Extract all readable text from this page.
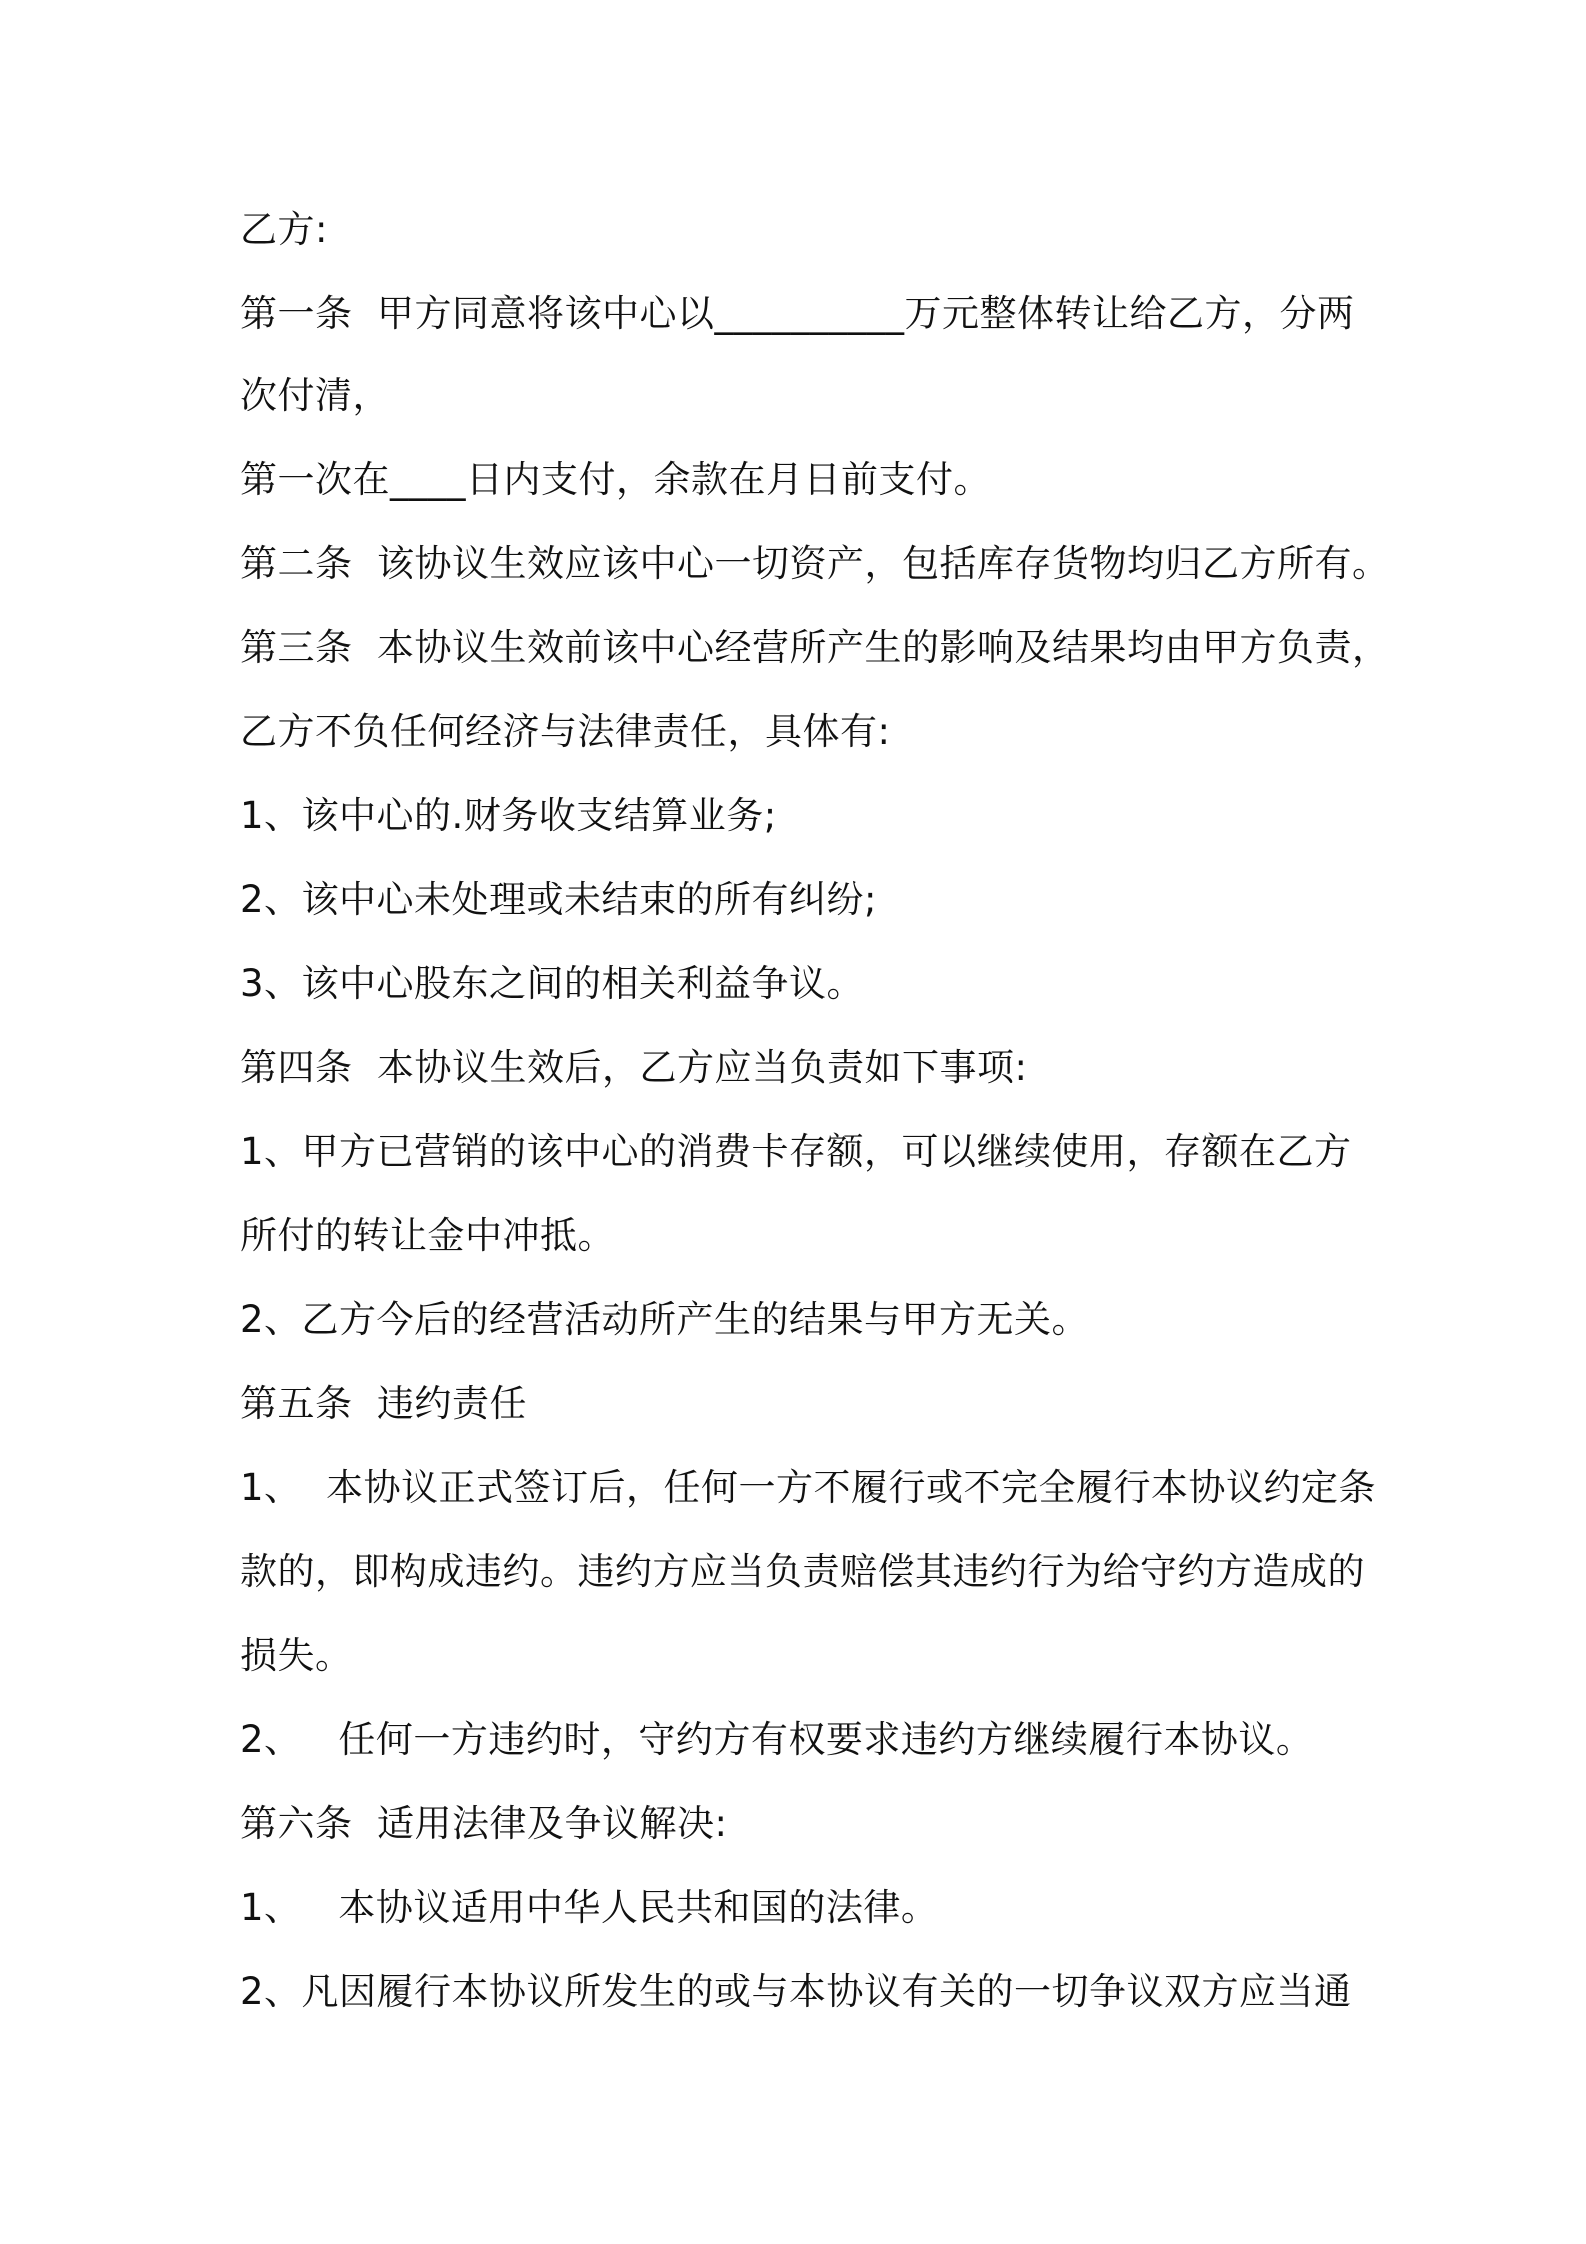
乙方:
第一条  甲方同意将该中心以__________万元整体转让给乙方，分两
次付清，
第一次在____日内支付，余款在月日前支付。
第二条  该协议生效应该中心一切资产，包括库存货物均归乙方所有。
第三条  本协议生效前该中心经营所产生的影响及结果均由甲方负责，
乙方不负任何经济与法律责任，具体有:
1、该中心的.财务收支结算业务;
2、该中心未处理或未结束的所有纠纷;
3、该中心股东之间的相关利益争议。
第四条  本协议生效后，乙方应当负责如下事项:
1、甲方已营销的该中心的消费卡存额，可以继续使用，存额在乙方
所付的转让金中冲抵。
2、乙方今后的经营活动所产生的结果与甲方无关。
第五条  违约责任
1、  本协议正式签订后，任何一方不履行或不完全履行本协议约定条
款的，即构成违约。违约方应当负责赔偿其违约行为给守约方造成的
损失。
2、   任何一方违约时，守约方有权要求违约方继续履行本协议。
第六条  适用法律及争议解决:
1、   本协议适用中华人民共和国的法律。
2、凡因履行本协议所发生的或与本协议有关的一切争议双方应当通
